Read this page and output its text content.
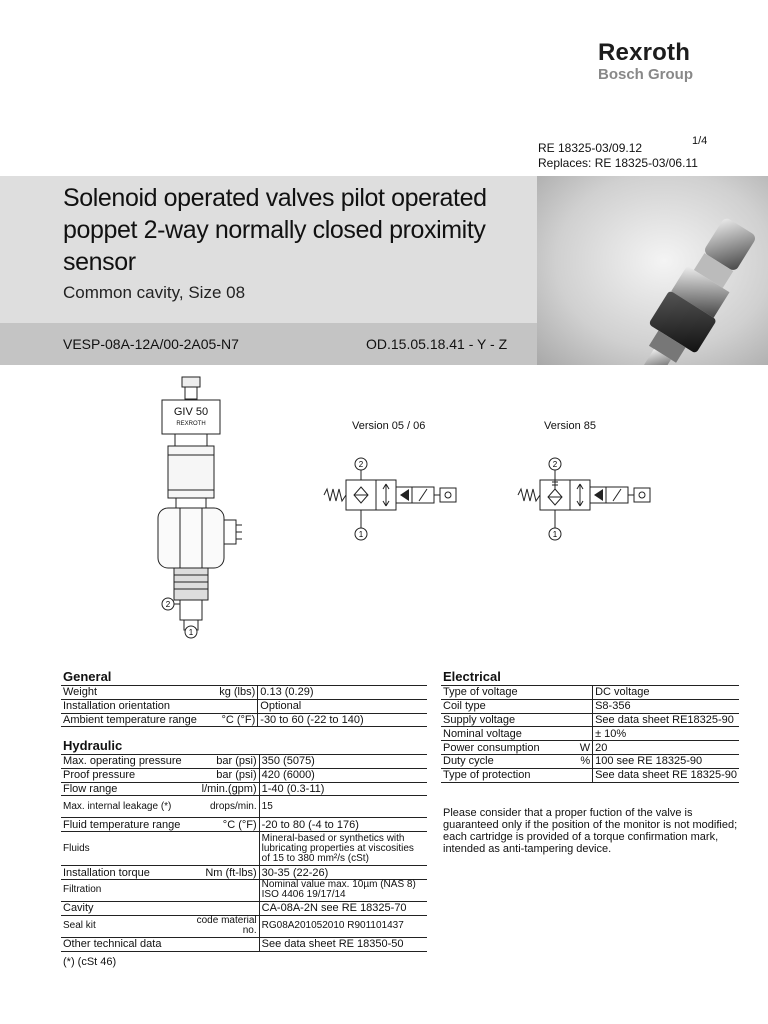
Rexroth
Bosch Group
1/4
RE 18325-03/09.12
Replaces: RE 18325-03/06.11
Solenoid operated valves pilot operated poppet 2-way normally closed proximity sensor
Common cavity, Size 08
VESP-08A-12A/00-2A05-N7	OD.15.05.18.41 - Y - Z
GIV 50
REXROTH
2
1
Version 05 / 06	Version 85
2
1
2
1
General
Weight	kg (lbs)	0.13 (0.29)
Installation orientation		Optional
Ambient temperature range	°C (°F)	-30 to 60 (-22 to 140)
Hydraulic
Max. operating pressure	bar (psi)	350 (5075)
Proof pressure	bar (psi)	420 (6000)
Flow range	l/min.(gpm)	1-40 (0.3-11)
Max. internal leakage (*)	drops/min.	15
Fluid temperature range	°C (°F)	-20 to 80 (-4 to 176)
Fluids		Mineral-based or synthetics with lubricating properties at viscosities of 15 to 380 mm²/s (cSt)
Installation torque	Nm (ft-lbs)	30-35 (22-26)
Filtration		Nominal value max. 10µm (NAS 8) ISO 4406 19/17/14
Cavity		CA-08A-2N see RE 18325-70
Seal kit	code material no.	RG08A201052010 R901101437
Other technical data		See data sheet RE 18350-50
(*) (cSt 46)
Electrical
Type of voltage		DC voltage
Coil type		S8-356
Supply voltage		See data sheet RE18325-90
Nominal voltage		± 10%
Power consumption	W	20
Duty cycle	%	100 see RE 18325-90
Type of protection		See data sheet RE 18325-90
Please consider that a proper fuction of the valve is guaranteed only if the position of the monitor is not modified; each cartridge is provided of a torque confirmation mark, intended as anti-tampering device.
